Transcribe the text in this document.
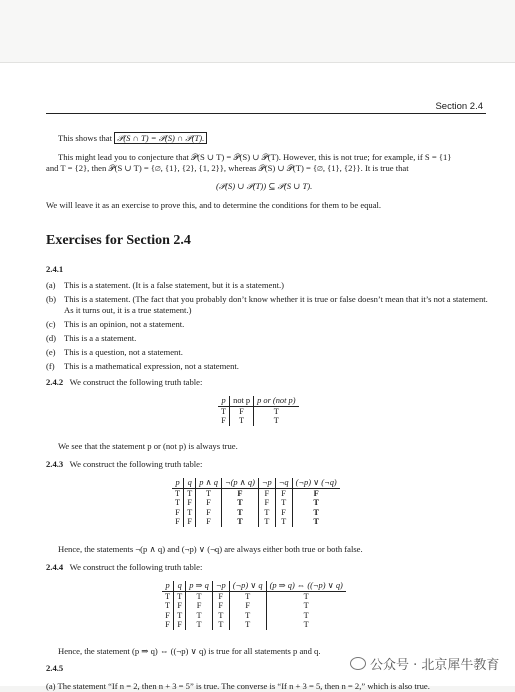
Section 2.4
This shows that 𝒫(S ∩ T) = 𝒫(S) ∩ 𝒫(T).
This might lead you to conjecture that 𝒫(S ∪ T) = 𝒫(S) ∪ 𝒫(T). However, this is not true; for example, if S = {1}
and T = {2}, then 𝒫(S ∪ T) = {∅, {1}, {2}, {1, 2}}, whereas 𝒫(S) ∪ 𝒫(T) = {∅, {1}, {2}}. It is true that
(𝒫(S) ∪ 𝒫(T)) ⊆ 𝒫(S ∪ T).
We will leave it as an exercise to prove this, and to determine the conditions for them to be equal.
Exercises for Section 2.4
2.4.1
(a) This is a statement. (It is a false statement, but it is a statement.)
(b) This is a statement. (The fact that you probably don’t know whether it is true or false doesn’t mean that it’s not a statement. As it turns out, it is a true statement.)
(c) This is an opinion, not a statement.
(d) This is a a statement.
(e) This is a question, not a statement.
(f) This is a mathematical expression, not a statement.
2.4.2 We construct the following truth table:
p	not p	p or (not p)
T	F	T
F	T	T
We see that the statement p or (not p) is always true.
2.4.3 We construct the following truth table:
p	q	p ∧ q	¬(p ∧ q)	¬p	¬q	(¬p) ∨ (¬q)
T	T	T	F	F	F	F
T	F	F	T	F	T	T
F	T	F	T	T	F	T
F	F	F	T	T	T	T
Hence, the statements ¬(p ∧ q) and (¬p) ∨ (¬q) are always either both true or both false.
2.4.4 We construct the following truth table:
p	q	p ⇒ q	¬p	(¬p) ∨ q	(p ⇒ q) ⇔ ((¬p) ∨ q)
T	T	T	F	T	T
T	F	F	F	F	T
F	T	T	T	T	T
F	F	T	T	T	T
Hence, the statement (p ⇒ q) ⇔ ((¬p) ∨ q) is true for all statements p and q.
2.4.5
(a) The statement “If n = 2, then n + 3 = 5” is true. The converse is “If n + 3 = 5, then n = 2,” which is also true.
公众号 · 北京犀牛教育
